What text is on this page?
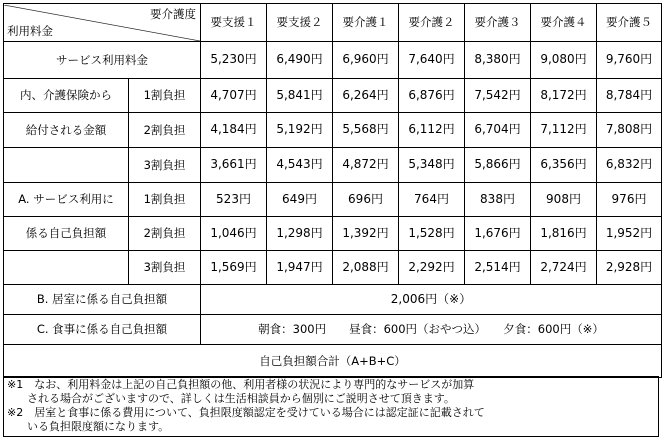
要介護度
利用料金		要支援１	要支援２	要介護１	要介護２	要介護３	要介護４	要介護５
サービス利用料金		5,230円	6,490円	6,960円	7,640円	8,380円	9,080円	9,760円
内、介護保険から	1割負担	4,707円	5,841円	6,264円	6,876円	7,542円	8,172円	8,784円
給付される金額	2割負担	4,184円	5,192円	5,568円	6,112円	6,704円	7,112円	7,808円
	3割負担	3,661円	4,543円	4,872円	5,348円	5,866円	6,356円	6,832円
A. サービス利用に	1割負担	523円	649円	696円	764円	838円	908円	976円
係る自己負担額	2割負担	1,046円	1,298円	1,392円	1,528円	1,676円	1,816円	1,952円
	3割負担	1,569円	1,947円	2,088円	2,292円	2,514円	2,724円	2,928円
B. 居室に係る自己負担額		2,006円（※）						
C. 食事に係る自己負担額		朝食：300円　　昼食：600円（おやつ込）　　夕食：600円（※）						
自己負担額合計（A+B+C）								
※1　なお、利用料金は上記の自己負担額の他、利用者様の状況により専門的なサービスが加算
される場合がございますので、詳しくは生活相談員から個別にご説明させて頂きます。
※2　居室と食事に係る費用について、負担限度額認定を受けている場合には認定証に記載されて
いる負担限度額になります。
